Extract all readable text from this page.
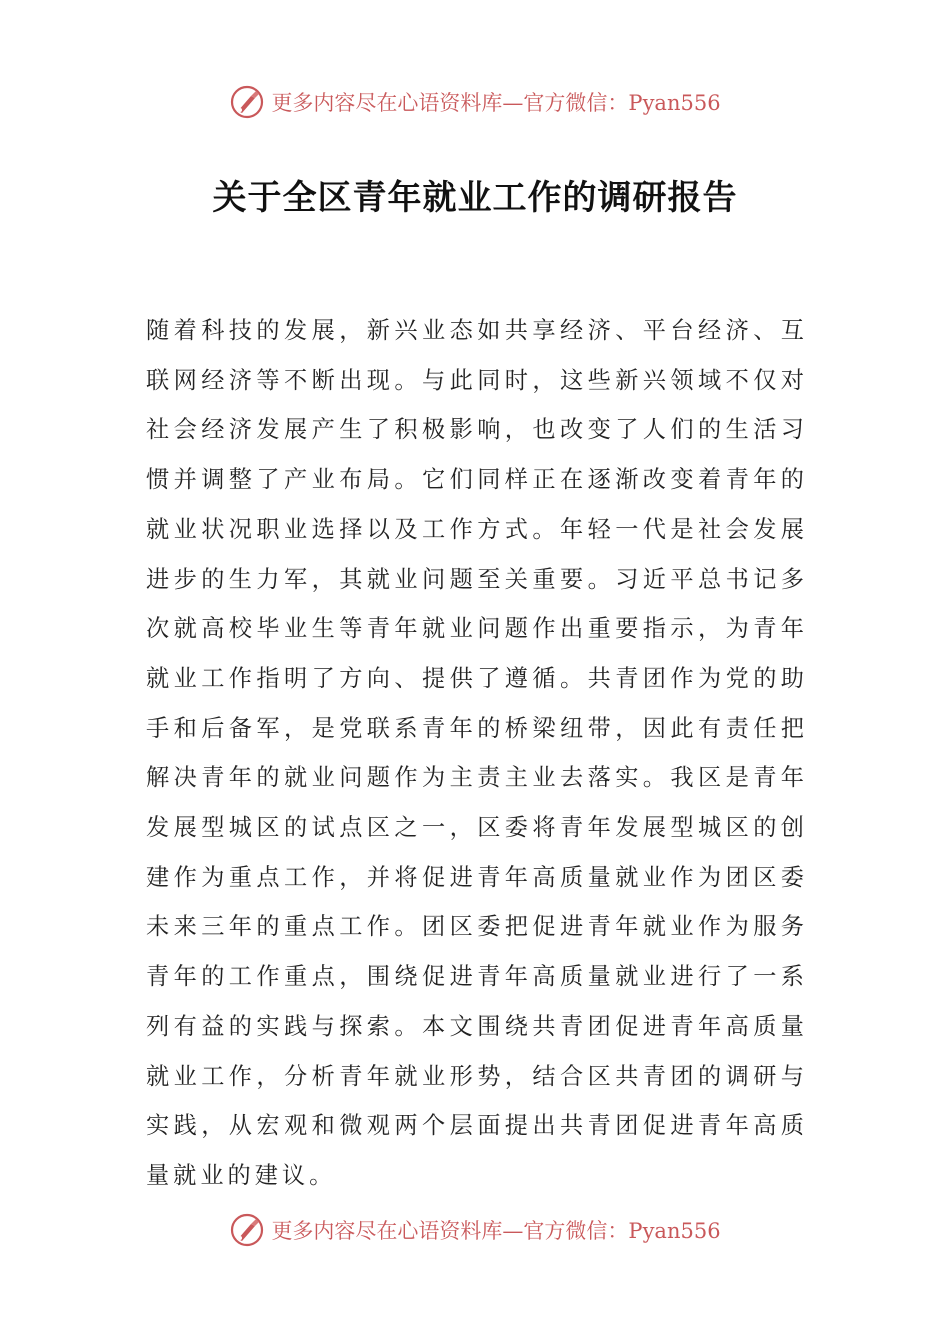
更多内容尽在心语资料库—官方微信：Pyan556
关于全区青年就业工作的调研报告

随着科技的发展，新兴业态如共享经济、平台经济、互联网经济等不断出现。与此同时，这些新兴领域不仅对社会经济发展产生了积极影响，也改变了人们的生活习惯并调整了产业布局。它们同样正在逐渐改变着青年的就业状况职业选择以及工作方式。年轻一代是社会发展进步的生力军，其就业问题至关重要。习近平总书记多次就高校毕业生等青年就业问题作出重要指示，为青年就业工作指明了方向、提供了遵循。共青团作为党的助手和后备军，是党联系青年的桥梁纽带，因此有责任把解决青年的就业问题作为主责主业去落实。我区是青年发展型城区的试点区之一，区委将青年发展型城区的创建作为重点工作，并将促进青年高质量就业作为团区委未来三年的重点工作。团区委把促进青年就业作为服务青年的工作重点，围绕促进青年高质量就业进行了一系列有益的实践与探索。本文围绕共青团促进青年高质量就业工作，分析青年就业形势，结合区共青团的调研与实践，从宏观和微观两个层面提出共青团促进青年高质量就业的建议。

更多内容尽在心语资料库—官方微信：Pyan556
